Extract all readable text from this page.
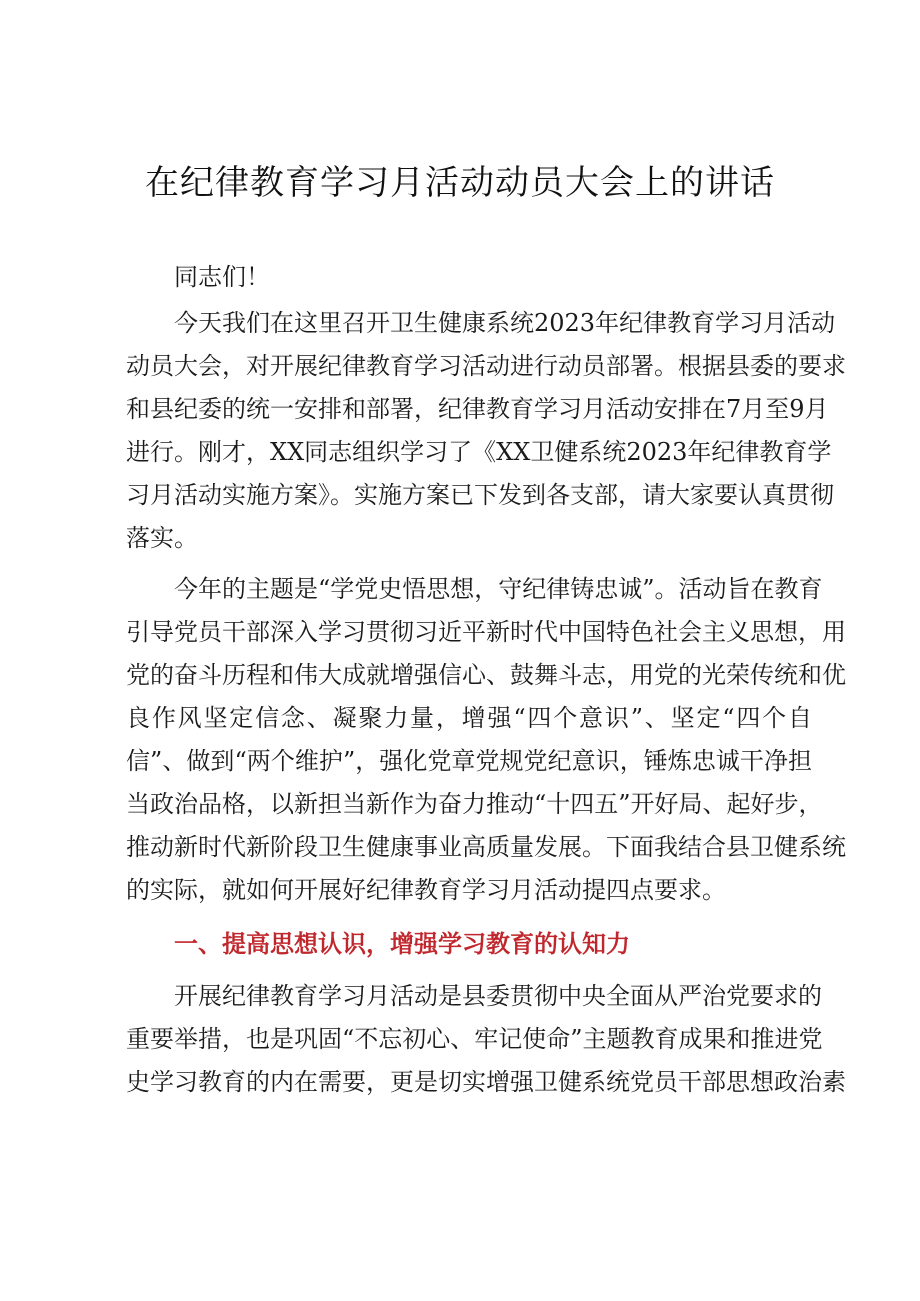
在纪律教育学习月活动动员大会上的讲话
同志们！
今天我们在这里召开卫生健康系统2023年纪律教育学习月活动
动员大会，对开展纪律教育学习活动进行动员部署。根据县委的要求
和县纪委的统一安排和部署，纪律教育学习月活动安排在7月至9月
进行。刚才，XX同志组织学习了《XX卫健系统2023年纪律教育学
习月活动实施方案》。实施方案已下发到各支部，请大家要认真贯彻
落实。
今年的主题是“学党史悟思想，守纪律铸忠诚”。活动旨在教育
引导党员干部深入学习贯彻习近平新时代中国特色社会主义思想，用
党的奋斗历程和伟大成就增强信心、鼓舞斗志，用党的光荣传统和优
良作风坚定信念、凝聚力量，增强“四个意识”、坚定“四个自
信”、做到“两个维护”，强化党章党规党纪意识，锤炼忠诚干净担
当政治品格，以新担当新作为奋力推动“十四五”开好局、起好步，
推动新时代新阶段卫生健康事业高质量发展。下面我结合县卫健系统
的实际，就如何开展好纪律教育学习月活动提四点要求。
一、提高思想认识，增强学习教育的认知力
开展纪律教育学习月活动是县委贯彻中央全面从严治党要求的
重要举措，也是巩固“不忘初心、牢记使命”主题教育成果和推进党
史学习教育的内在需要，更是切实增强卫健系统党员干部思想政治素
